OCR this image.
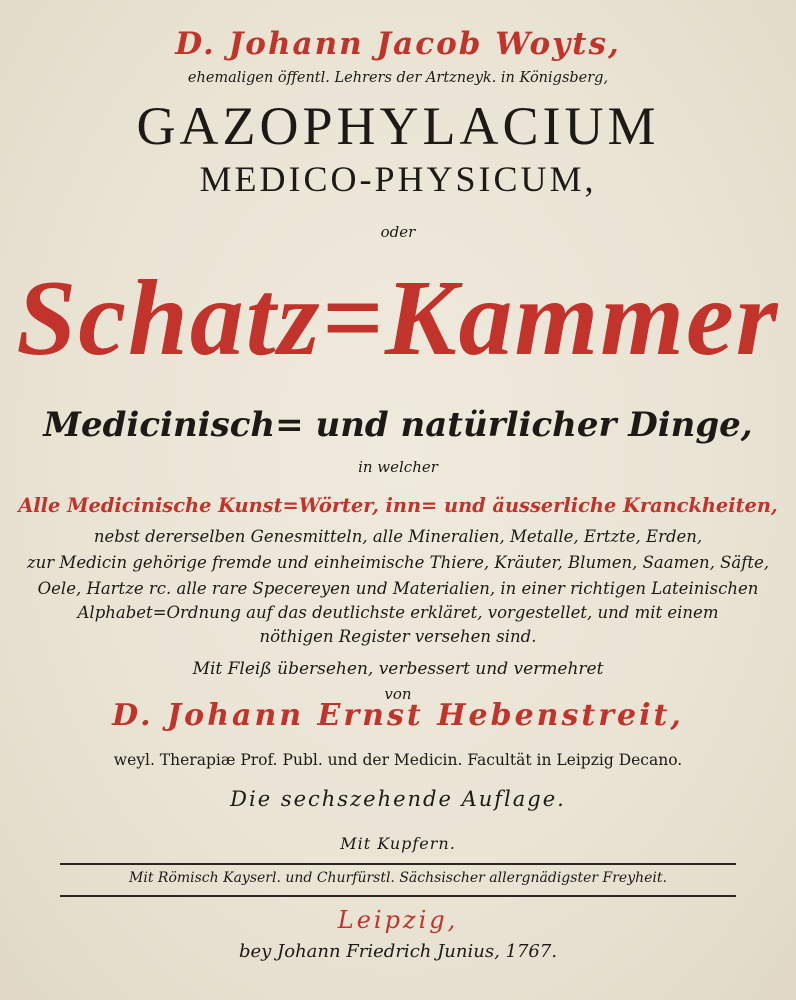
D. Johann Jacob Woyts,
ehemaligen öffentl. Lehrers der Artzneyk. in Königsberg,
GAZOPHYLACIUM
MEDICO-PHYSICUM,
oder
Schatz=Kammer
Medicinisch= und natürlicher Dinge,
in welcher
Alle Medicinische Kunst=Wörter, inn= und äusserliche Kranckheiten,
nebst dererselben Genesmitteln, alle Mineralien, Metalle, Ertzte, Erden,
zur Medicin gehörige fremde und einheimische Thiere, Kräuter, Blumen, Saamen, Säfte,
Oele, Hartze rc. alle rare Specereyen und Materialien, in einer richtigen Lateinischen
Alphabet=Ordnung auf das deutlichste erkläret, vorgestellet, und mit einem
nöthigen Register versehen sind.
Mit Fleiß übersehen, verbessert und vermehret
von
D. Johann Ernst Hebenstreit,
weyl. Therapiæ Prof. Publ. und der Medicin. Facultät in Leipzig Decano.
Die sechszehende Auflage.
Mit Kupfern.
Mit Römisch Kayserl. und Churfürstl. Sächsischer allergnädigster Freyheit.
Leipzig,
bey Johann Friedrich Junius, 1767.
